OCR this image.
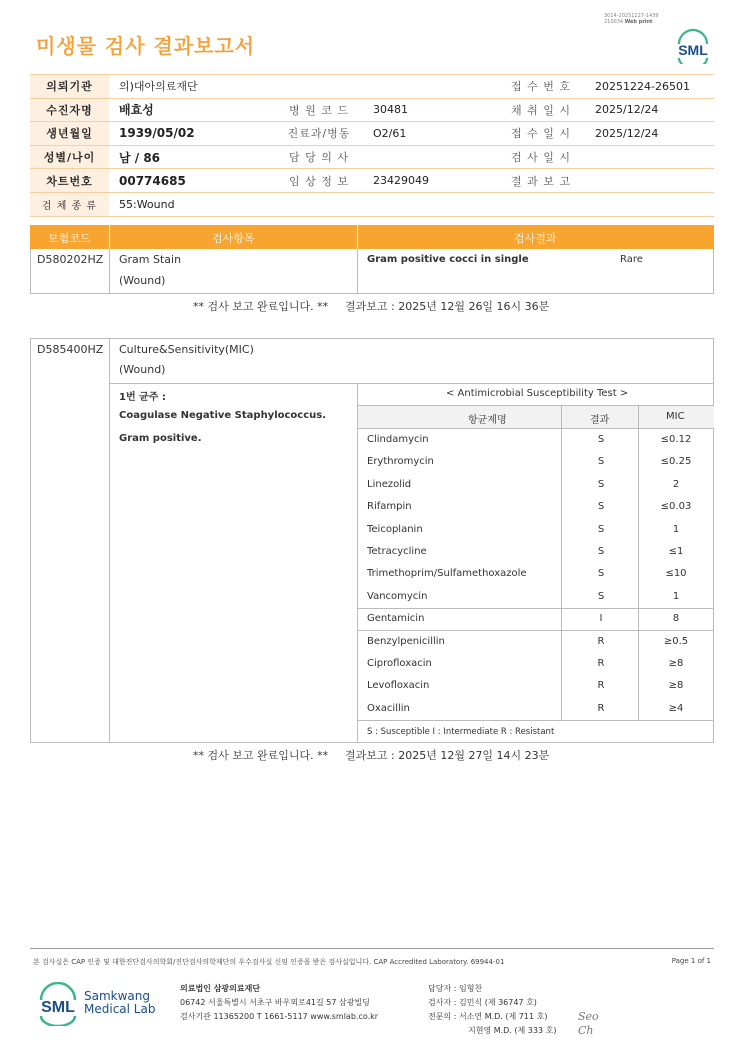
3014-20251227-1439
210034 Web print
미생물 검사 결과보고서	SML
의뢰기관	의)대아의료재단			접 수 번 호	20251224-26501
수진자명	배효성	병 원 코 드	30481	채 취 일 시	2025/12/24
생년월일	1939/05/02	진료과/병동	O2/61	접 수 일 시	2025/12/24
성별/나이	남 / 86	담 당 의 사		검 사 일 시	
차트번호	00774685	임 상 정 보	23429049	결 과 보 고	
검 체 종 류	55:Wound				
보험코드	검사항목	검사결과
D580202HZ Gram Stain
(Wound)
Gram positive cocci in single	Rare
** 검사 보고 완료입니다. ** 결과보고 : 2025년 12월 26일 16시 36분
D585400HZ Culture&Sensitivity(MIC)
(Wound)
1번 균주 :
Coagulase Negative Staphylococcus.
Gram positive.
< Antimicrobial Susceptibility Test >
항균제명	결과	MIC
Clindamycin	S	≤0.12
Erythromycin	S	≤0.25
Linezolid	S	2
Rifampin	S	≤0.03
Teicoplanin	S	1
Tetracycline	S	≤1
Trimethoprim/Sulfamethoxazole	S	≤10
Vancomycin	S	1
Gentamicin	I	8
Benzylpenicillin	R	≥0.5
Ciprofloxacin	R	≥8
Levofloxacin	R	≥8
Oxacillin	R	≥4
S : Susceptible I : Intermediate R : Resistant
** 검사 보고 완료입니다. ** 결과보고 : 2025년 12월 27일 14시 23분
본 검사실은 CAP 인증 및 대한진단검사의학회/진단검사의학재단의 우수검사실 신임 인증을 받은 검사실입니다. CAP Accredited Laboratory. 69944-01	Page 1 of 1
SML
Samkwang
Medical Lab
의료법인 삼광의료재단
06742 서울특별시 서초구 바우뫼로41길 57 삼광빌딩
검사기관 11365200 T 1661-5117 www.smlab.co.kr
담당자 : 임형찬
검사자 : 김민식 (제 36747 호)
전문의 : 서소연 M.D. (제 711 호)
지현영 M.D. (제 333 호)
Seo
Ch
